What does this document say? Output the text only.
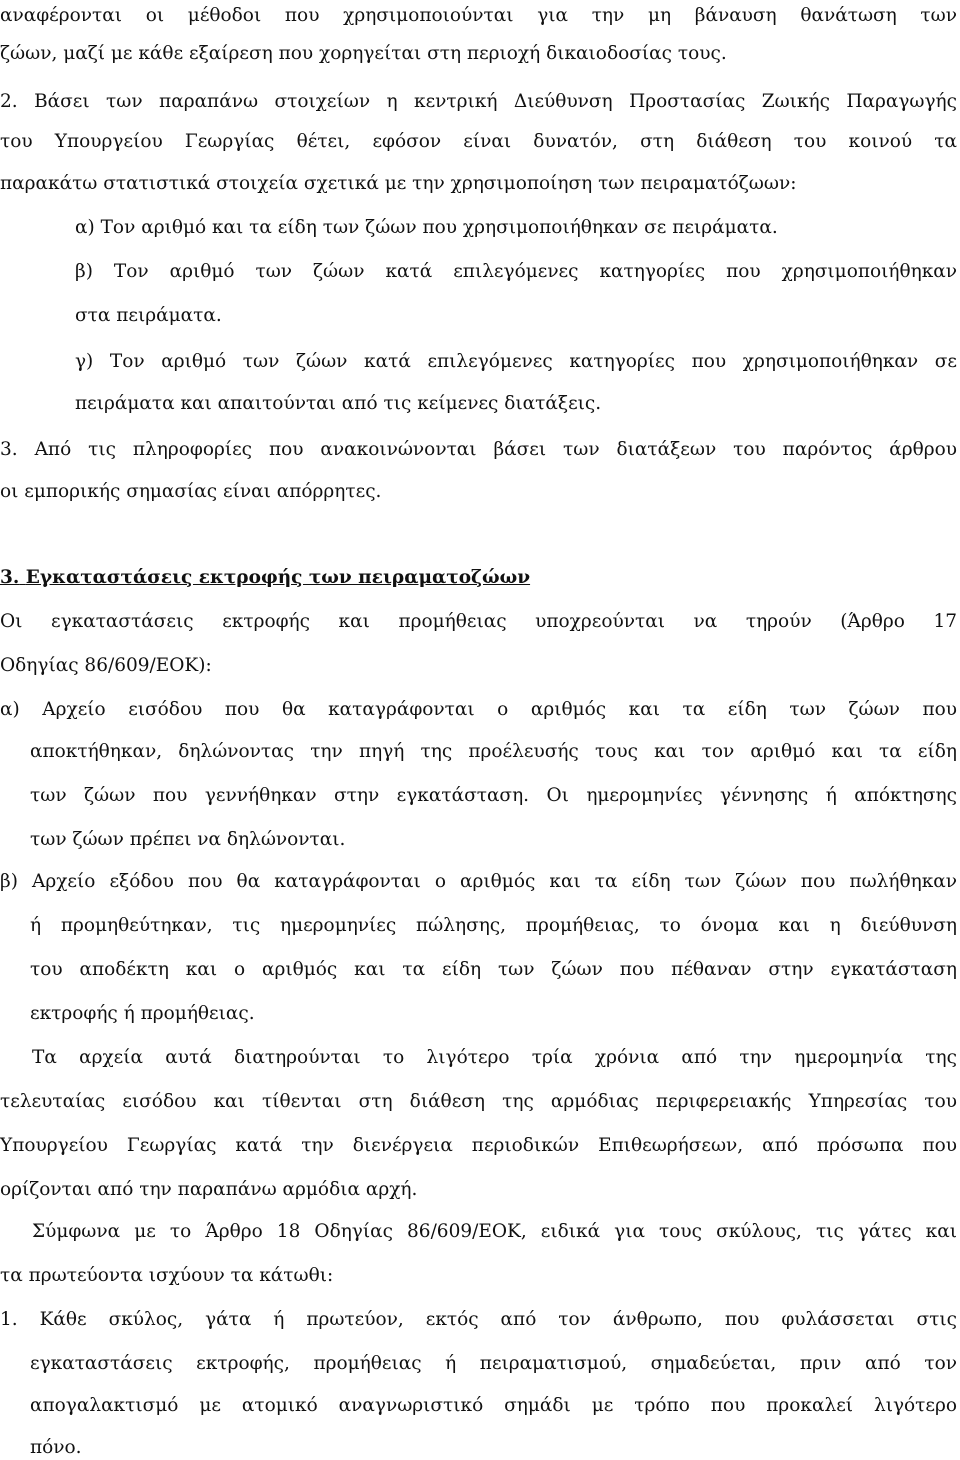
αναφέρονται οι μέθοδοι που χρησιμοποιούνται για την μη βάναυση θανάτωση των
ζώων, μαζί με κάθε εξαίρεση που χορηγείται στη περιοχή δικαιοδοσίας τους.
2. Βάσει των παραπάνω στοιχείων η κεντρική Διεύθυνση Προστασίας Ζωικής Παραγωγής
του Υπουργείου Γεωργίας θέτει, εφόσον είναι δυνατόν, στη διάθεση του κοινού τα
παρακάτω στατιστικά στοιχεία σχετικά με την χρησιμοποίηση των πειραματόζωων:
α) Τον αριθμό και τα είδη των ζώων που χρησιμοποιήθηκαν σε πειράματα.
β) Τον αριθμό των ζώων κατά επιλεγόμενες κατηγορίες που χρησιμοποιήθηκαν
στα πειράματα.
γ) Τον αριθμό των ζώων κατά επιλεγόμενες κατηγορίες που χρησιμοποιήθηκαν σε
πειράματα και απαιτούνται από τις κείμενες διατάξεις.
3. Από τις πληροφορίες που ανακοινώνονται βάσει των διατάξεων του παρόντος άρθρου
οι εμπορικής σημασίας είναι απόρρητες.
3. Εγκαταστάσεις εκτροφής των πειραματοζώων
Οι εγκαταστάσεις εκτροφής και προμήθειας υποχρεούνται να τηρούν (Άρθρο 17
Οδηγίας 86/609/ΕΟΚ):
α) Αρχείο εισόδου που θα καταγράφονται ο αριθμός και τα είδη των ζώων που
αποκτήθηκαν, δηλώνοντας την πηγή της προέλευσής τους και τον αριθμό και τα είδη
των ζώων που γεννήθηκαν στην εγκατάσταση. Οι ημερομηνίες γέννησης ή απόκτησης
των ζώων πρέπει να δηλώνονται.
β) Αρχείο εξόδου που θα καταγράφονται ο αριθμός και τα είδη των ζώων που πωλήθηκαν
ή προμηθεύτηκαν, τις ημερομηνίες πώλησης, προμήθειας, το όνομα και η διεύθυνση
του αποδέκτη και ο αριθμός και τα είδη των ζώων που πέθαναν στην εγκατάσταση
εκτροφής ή προμήθειας.
Τα αρχεία αυτά διατηρούνται το λιγότερο τρία χρόνια από την ημερομηνία της
τελευταίας εισόδου και τίθενται στη διάθεση της αρμόδιας περιφερειακής Υπηρεσίας του
Υπουργείου Γεωργίας κατά την διενέργεια περιοδικών Επιθεωρήσεων, από πρόσωπα που
ορίζονται από την παραπάνω αρμόδια αρχή.
Σύμφωνα με το Άρθρο 18 Οδηγίας 86/609/ΕΟΚ, ειδικά για τους σκύλους, τις γάτες και
τα πρωτεύοντα ισχύουν τα κάτωθι:
1. Κάθε σκύλος, γάτα ή πρωτεύον, εκτός από τον άνθρωπο, που φυλάσσεται στις
εγκαταστάσεις εκτροφής, προμήθειας ή πειραματισμού, σημαδεύεται, πριν από τον
απογαλακτισμό με ατομικό αναγνωριστικό σημάδι με τρόπο που προκαλεί λιγότερο
πόνο.
